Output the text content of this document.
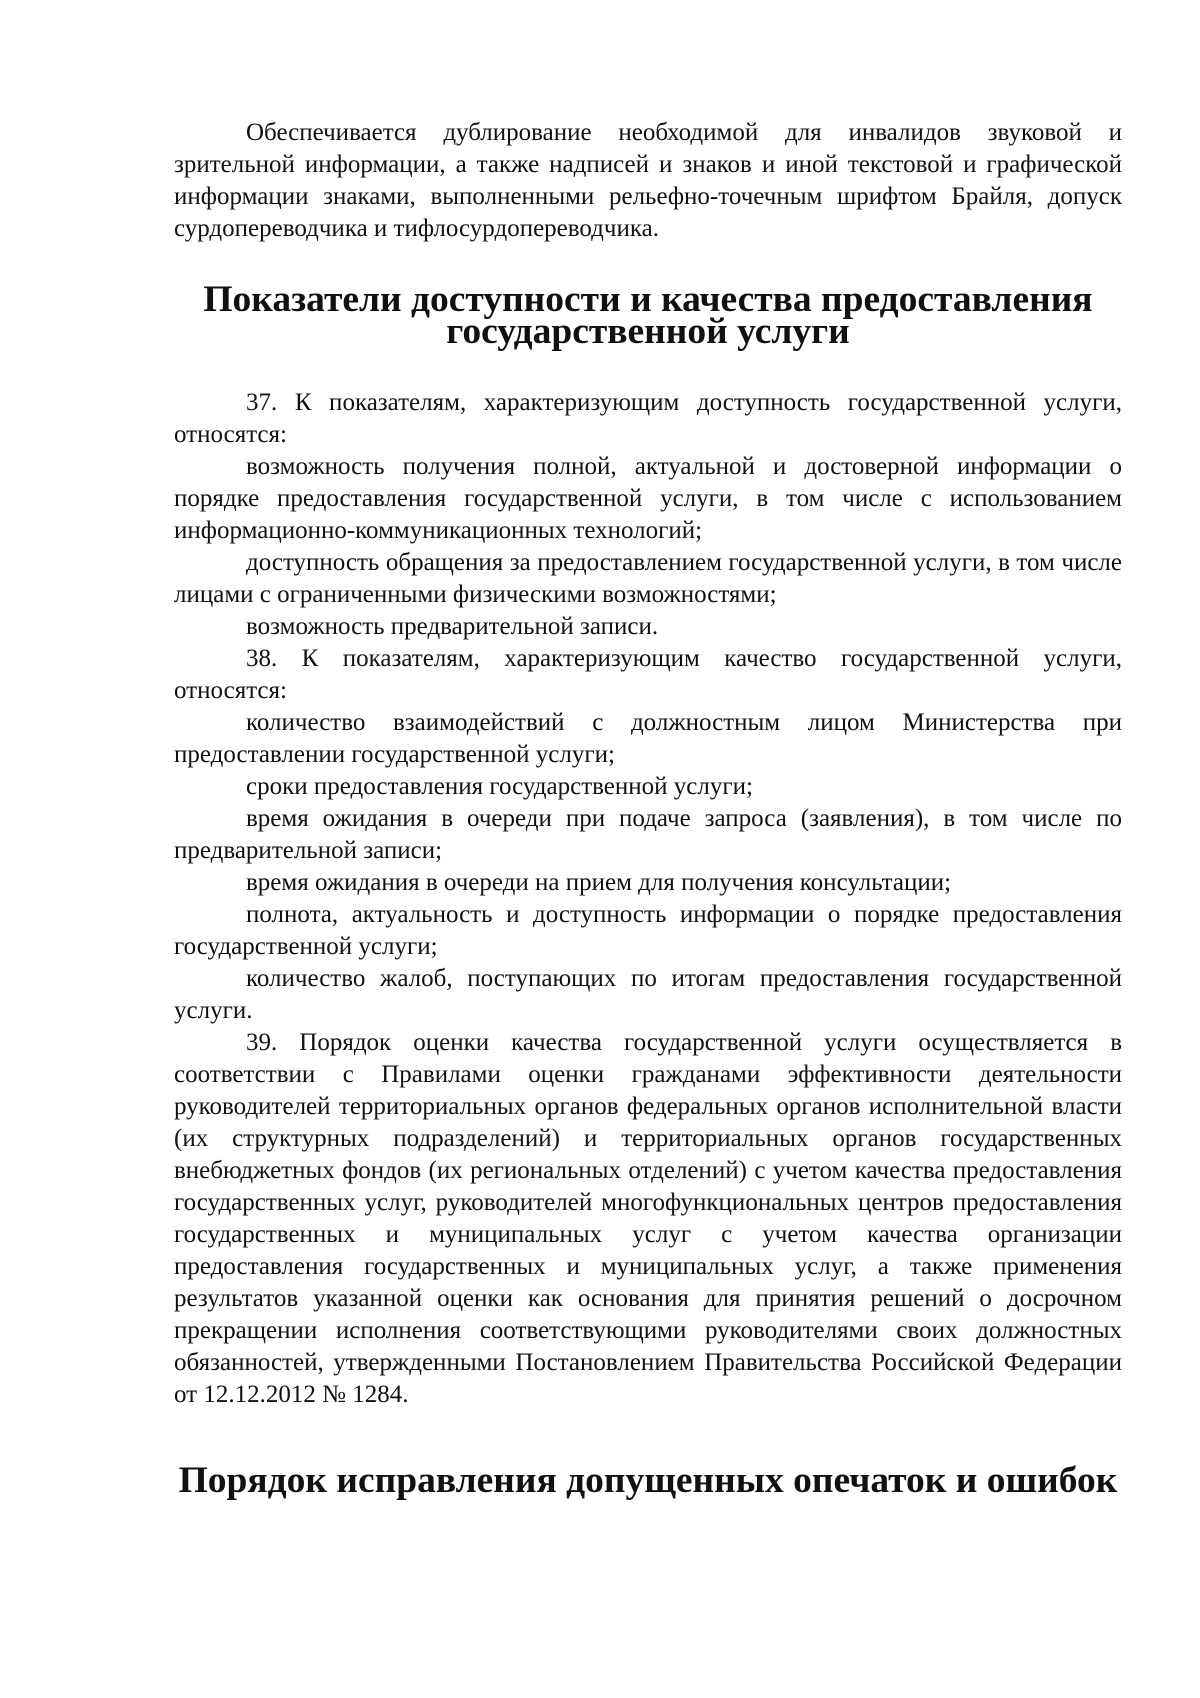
Обеспечивается дублирование необходимой для инвалидов звуковой и зрительной информации, а также надписей и знаков и иной текстовой и графической информации знаками, выполненными рельефно-точечным шрифтом Брайля, допуск сурдопереводчика и тифлосурдопереводчика.

Показатели доступности и качества предоставления
государственной услуги

37. К показателям, характеризующим доступность государственной услуги, относятся:

возможность получения полной, актуальной и достоверной информации о порядке предоставления государственной услуги, в том числе с использованием информационно-коммуникационных технологий;

доступность обращения за предоставлением государственной услуги, в том числе лицами с ограниченными физическими возможностями;

возможность предварительной записи.

38. К показателям, характеризующим качество государственной услуги, относятся:

количество взаимодействий с должностным лицом Министерства при предоставлении государственной услуги;

сроки предоставления государственной услуги;

время ожидания в очереди при подаче запроса (заявления), в том числе по предварительной записи;

время ожидания в очереди на прием для получения консультации;

полнота, актуальность и доступность информации о порядке предоставления государственной услуги;

количество жалоб, поступающих по итогам предоставления государственной услуги.

39. Порядок оценки качества государственной услуги осуществляется в соответствии с Правилами оценки гражданами эффективности деятельности руководителей территориальных органов федеральных органов исполнительной власти (их структурных подразделений) и территориальных органов государственных внебюджетных фондов (их региональных отделений) с учетом качества предоставления государственных услуг, руководителей многофункциональных центров предоставления государственных и муниципальных услуг с учетом качества организации предоставления государственных и муниципальных услуг, а также применения результатов указанной оценки как основания для принятия решений о досрочном прекращении исполнения соответствующими руководителями своих должностных обязанностей, утвержденными Постановлением Правительства Российской Федерации от 12.12.2012 № 1284.

Порядок исправления допущенных опечаток и ошибок
